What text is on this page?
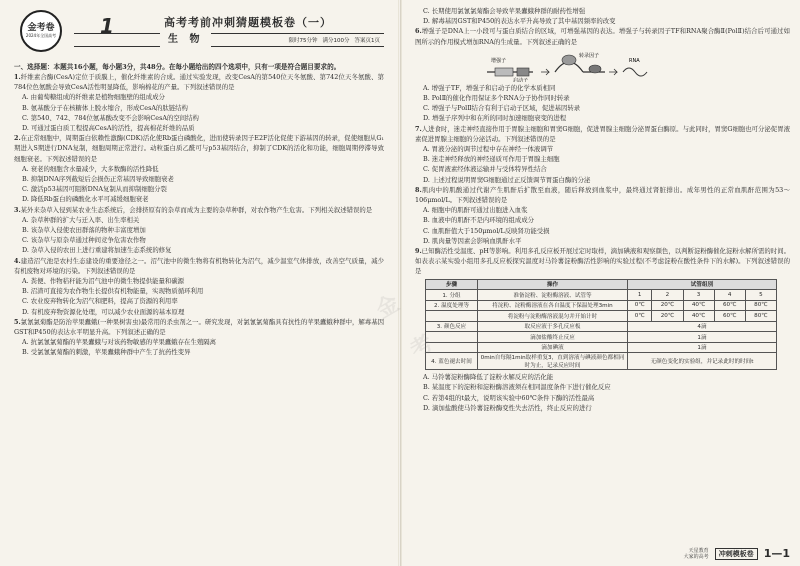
金考卷
2024年全国高考 1	高考考前冲刺猜题模板卷（一）
生 物	限时75分钟 满分100分 答案页1页
一、选择题：本题共16小题，每小题3分，共48分。在每小题给出的四个选项中，只有一项是符合题目要求的。
1.纤维素合酶(CesA)定位于质膜上，催化纤维素的合成。通过实验发现，改变CesA的第540位天冬氨酸、第742位天冬氨酸、第784位色氨酸会导致CesA活性明显降低，影响棉花的产量。下列叙述错误的是
A. 由葡萄糖组成的纤维素是植物细胞壁的组成成分
B. 氨基酸分子在核糖体上脱水缩合，形成CesA的肽链结构
C. 第540、742、784位氨基酸改变不会影响CesA的空间结构
D. 可通过蛋白质工程提高CesA的活性，提高棉花纤维的品质
2.在正常细胞中，周期蛋白依赖性激酶(CDK)活化使Rb蛋白磷酸化，进而使转录因子E2F活化促使下游基因的转录，促使细胞从G₁期进入S期进行DNA复制，细胞周期正常进行。动粒蛋白质乙酰可与p53基因结合，抑制了CDK的活化和功能，细胞周期停滞导致细胞衰老。下列叙述错误的是
A. 衰老的细胞含水量减少，大多数酶的活性降低
B. 抑制DNA序列截短后会损伤正常基因导致细胞衰老
C. 激活p53基因可阻断DNA复制从而抑制细胞分裂
D. 降低Rb蛋白的磷酸化水平可减缓细胞衰老
3.某外来杂草入侵到某农业生态系统后，会排挤原有的杂草而成为主要的杂草种群，对农作物产生危害。下列相关叙述错误的是
A. 杂草种群的扩大与迁入率、出生率相关
B. 该杂草入侵使农田群落的物种丰富度增加
C. 该杂草与原杂草通过种间竞争危害农作物
D. 杂草入侵的农田上进行重建将加速生态系统的修复
4.建造沼气池是农村生态建设的重要途径之一。沼气池中的微生物将有机物转化为沼气，减少温室气体排放，改善空气质量，减少有机废物对环境的污染。下列叙述错误的是
A. 粪便、作物秸秆能为沼气池中的微生物提供能量和碳源
B. 沼渣可直接为农作物生长提供有机物能量，实现物质循环利用
C. 农业废弃物转化为沼气和肥料，提高了资源的利用率
D. 有机废弃物资源化处理，可以减少农业面源的基本原理
5.氯氰氯菊酯是防治苹果蠹蛾(一种果树害虫)最常用的杀虫剂之一。研究发现，对氯氰氯菊酯具有抗性的苹果蠹蛾种群中，解毒基因GST和P450的表达水平明显升高。下列叙述正确的是
A. 抗氯氰氯菊酯的苹果蠹蛾与对该药物敏感的苹果蠹蛾存在生殖隔离
B. 受氯氰氯菊酯的刺激，苹果蠹蛾种群中产生了抗药性变异
C. 长期使用氯氰氯菊酯会导致苹果蠹蛾种群的耐药性增强
D. 解毒基因GST和P450的表达水平升高导致了其中基因频率的改变
6.增强子是DNA上一小段可与蛋白质结合的区域，可增强基因的表达。增强子与转录因子TF和RNA聚合酶Ⅱ(PolⅡ)结合后可通过如图所示的作用模式增加RNA的生成量。下列叙述正确的是
增强子
启动子
转录因子
RNA
A. 增强子TF，增强子和启动子的化学本质相同
B. PolⅡ的催化作用保证多个RNA分子协作同时转录
C. 增强子与PolⅡ结合有利于启动子区域，促进基因转录
D. 增强子序列中和在所的同时加速细胞衰变的进程
7.人进食时，迷走神经直接作用于胃腺主细胞和胃窦G细胞，促进胃腺主细胞分泌胃蛋白酶原。与此同时，胃窦G细胞也可分泌促胃液素促进胃腺主细胞的分泌活动。下列叙述错误的是
A. 胃液分泌的调节过程中存在神经一体液调节
B. 迷走神经释放的神经递质可作用于胃腺主细胞
C. 促胃液素经体液运输并与受体特异性结合
D. 上述过程说明胃窦G细胞通过正反馈调节胃蛋白酶的分泌
8.肌肉中的肌酸通过代谢产生肌酐后扩散至血液，随后释放到血浆中，最终通过肾脏排出。成年男性的正常血肌酐范围为53～106μmol/L。下列叙述错误的是
A. 细胞中的肌酐可通过出胞进入血浆
B. 血液中的肌酐不是内环境的组成成分
C. 血肌酐值大于150μmol/L反映肾功能受损
D. 肌肉量等因素会影响血肌酐水平
9.已知酶活性受温度、pH等影响。利用多孔反应板开展过定时取样，滴加碘液和观察颜色，以判断淀粉酶催化淀粉水解所需的时间。如表表示某实验小组用多孔反应板探究温度对马铃薯淀粉酶活性影响的实验过程(不考虑淀粉在酸性条件下的水解)。下列叙述错误的是
步骤	操作	试管组别				
1. 分组	准备淀粉、淀粉酶溶液、试管等	1	2	3	4	5
2. 温度处理等	将淀粉、淀粉酶溶液在各自温度下保温处理3min	0℃	20℃	40℃	60℃	80℃
	将淀粉与淀粉酶溶液混匀并开始计时	0℃	20℃	40℃	60℃	80℃
3. 颜色反应	取反应液于多孔反应板	4滴				
	滴加盐酸终止反应	1滴				
	滴加碘液	1滴				
4. 蓝色褪去时间	0min自每隔1min取样重复3，直到溶液与碘液颜色都相同时为止，记录反应时间	无颜色变化的实验组，并记录此时的时间t				
A. 马铃薯淀粉酶降低了淀粉水解反应的活化能
B. 某温度下的淀粉和淀粉酶溶液须在相同温度条件下进行催化反应
C. 若第4组的t最大，说明该实验中60℃条件下酶的活性最高
D. 滴加盐酸使马铃薯淀粉酶变性失去活性，终止反应的进行
天星教育
大家的高考	冲刺模板卷 1—1
金
考
